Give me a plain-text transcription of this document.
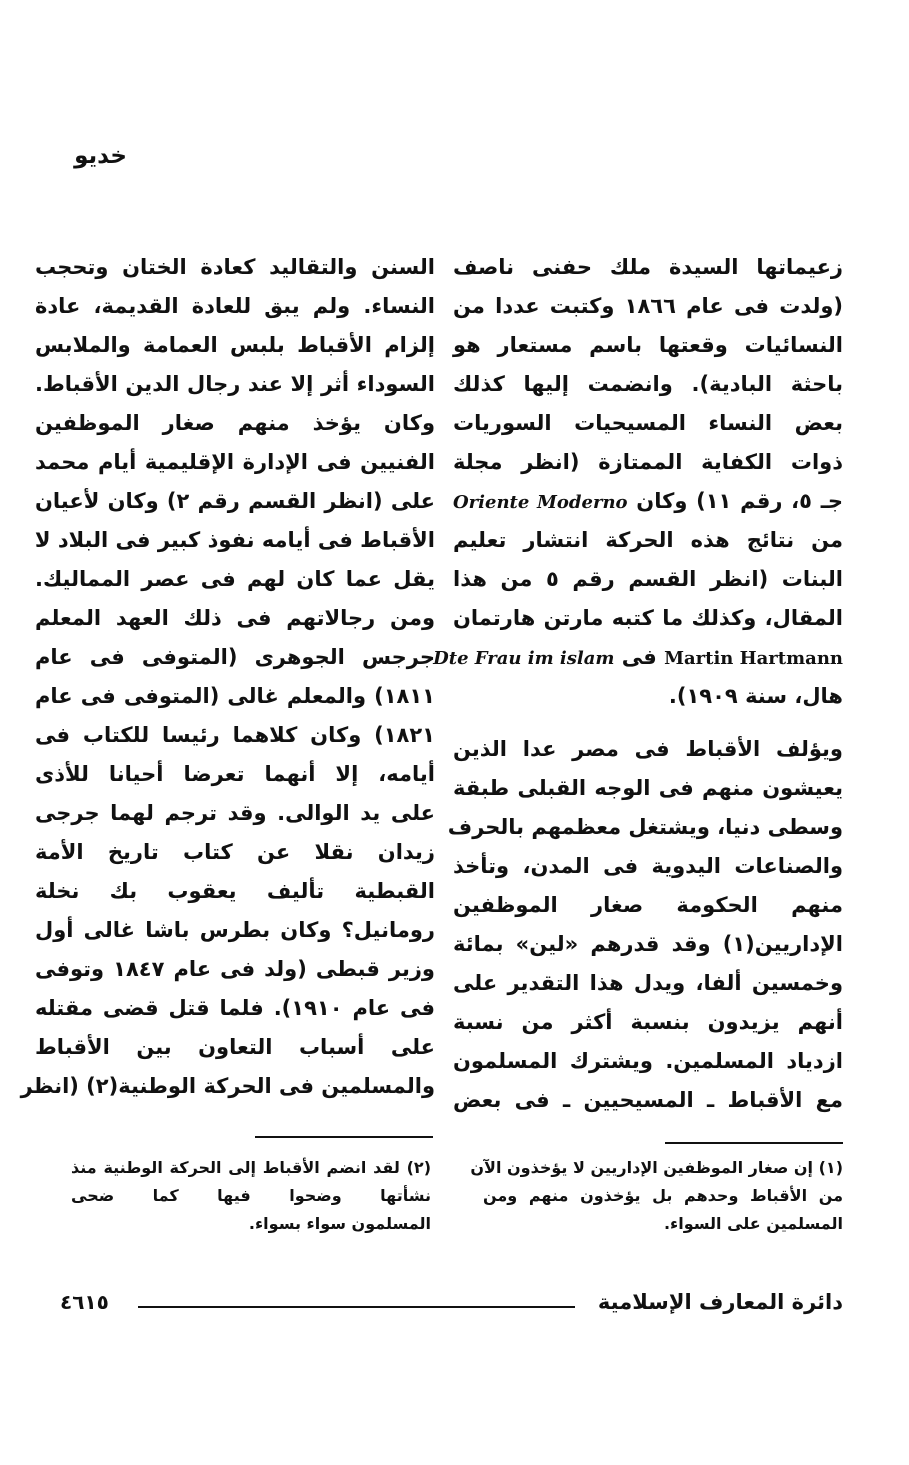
خديو
زعيماتها السيدة ملك حفنى ناصف
(ولدت فى عام ١٨٦٦ وكتبت عددا من
النسائيات وقعتها باسم مستعار هو
باحثة البادية). وانضمت إليها كذلك
بعض النساء المسيحيات السوريات
ذوات الكفاية الممتازة (انظر مجلة
جـ ٥، رقم ١١) وكان Oriente Moderno
من نتائج هذه الحركة انتشار تعليم
البنات (انظر القسم رقم ٥ من هذا
المقال، وكذلك ما كتبه مارتن هارتمان
Martin Hartmann فى Dte Frau im islam
هال، سنة ١٩٠٩).
ويؤلف الأقباط فى مصر عدا الذين
يعيشون منهم فى الوجه القبلى طبقة
وسطى دنيا، ويشتغل معظمهم بالحرف
والصناعات اليدوية فى المدن، وتأخذ
منهم الحكومة صغار الموظفين
الإداريين(١) وقد قدرهم «لين» بمائة
وخمسين ألفا، ويدل هذا التقدير على
أنهم يزيدون بنسبة أكثر من نسبة
ازدياد المسلمين. ويشترك المسلمون
مع الأقباط ـ المسيحيين ـ فى بعض
السنن والتقاليد كعادة الختان وتحجب
النساء. ولم يبق للعادة القديمة، عادة
إلزام الأقباط بلبس العمامة والملابس
السوداء أثر إلا عند رجال الدين الأقباط.
وكان يؤخذ منهم صغار الموظفين
الفنيين فى الإدارة الإقليمية أيام محمد
على (انظر القسم رقم ٢) وكان لأعيان
الأقباط فى أيامه نفوذ كبير فى البلاد لا
يقل عما كان لهم فى عصر المماليك.
ومن رجالاتهم فى ذلك العهد المعلم
جرجس الجوهرى (المتوفى فى عام
١٨١١) والمعلم غالى (المتوفى فى عام
١٨٢١) وكان كلاهما رئيسا للكتاب فى
أيامه، إلا أنهما تعرضا أحيانا للأذى
على يد الوالى. وقد ترجم لهما جرجى
زيدان نقلا عن كتاب تاريخ الأمة
القبطية تأليف يعقوب بك نخلة
رومانيل؟ وكان بطرس باشا غالى أول
وزير قبطى (ولد فى عام ١٨٤٧ وتوفى
فى عام ١٩١٠). فلما قتل قضى مقتله
على أسباب التعاون بين الأقباط
والمسلمين فى الحركة الوطنية(٢) (انظر
(١) إن صغار الموظفين الإداريين لا يؤخذون الآن
من الأقباط وحدهم بل يؤخذون منهم ومن
المسلمين على السواء.
(٢) لقد انضم الأقباط إلى الحركة الوطنية منذ
نشأتها وضحوا فيها كما ضحى
المسلمون سواء بسواء.
دائرة المعارف الإسلامية
٤٦١٥
